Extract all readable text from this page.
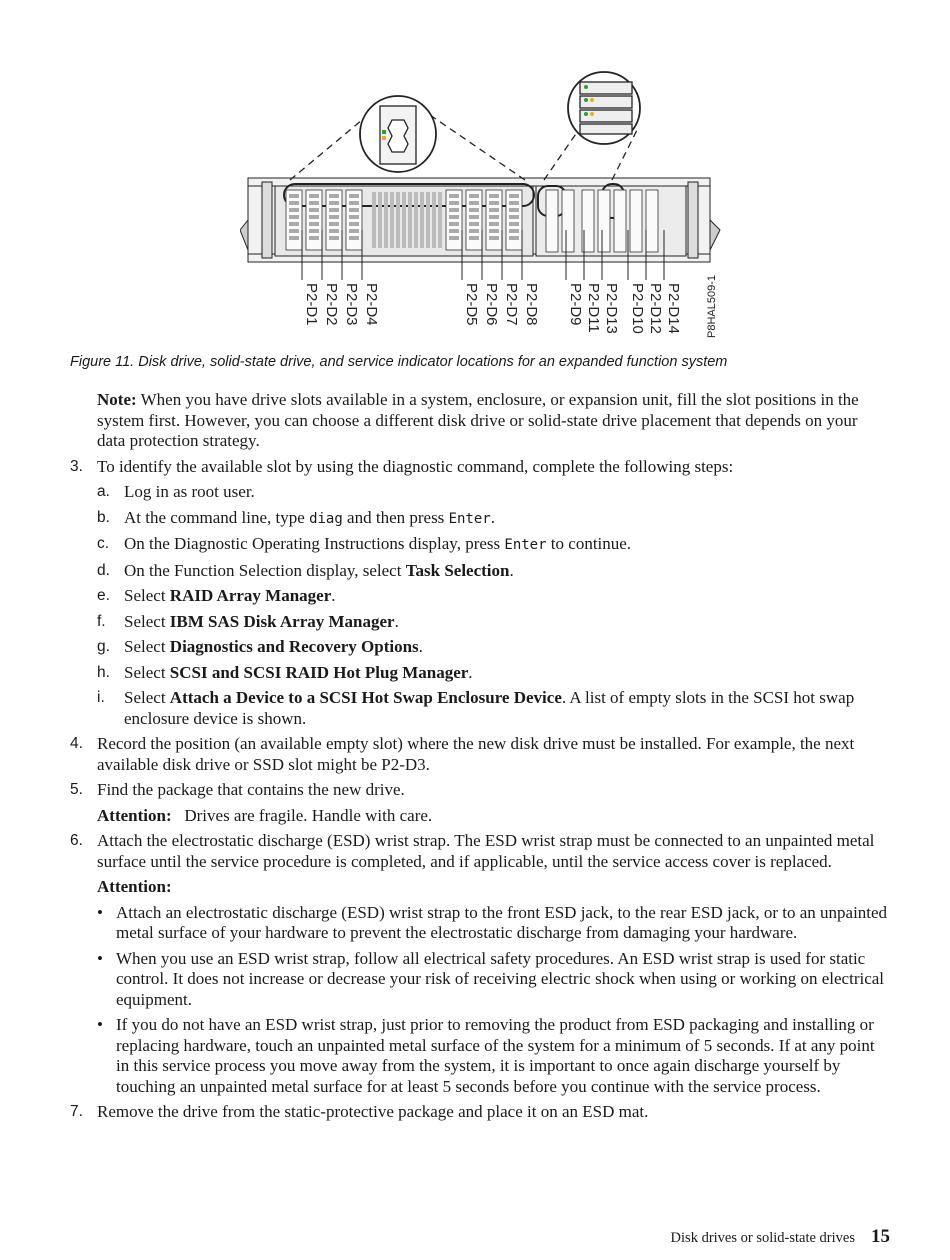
P2-D1 P2-D2 P2-D3 P2-D4	P2-D5 P2-D6 P2-D7 P2-D8 P2-D9 P2-D11 P2-D13 P2-D10 P2-D12 P2-D14 P8HAL509-1
Figure 11. Disk drive, solid-state drive, and service indicator locations for an expanded function system
Note: When you have drive slots available in a system, enclosure, or expansion unit, fill the slot positions in the system first. However, you can choose a different disk drive or solid-state drive placement that depends on your data protection strategy.
3. To identify the available slot by using the diagnostic command, complete the following steps:
a. Log in as root user.
b. At the command line, type diag and then press Enter.
c. On the Diagnostic Operating Instructions display, press Enter to continue.
d. On the Function Selection display, select Task Selection.
e. Select RAID Array Manager.
f. Select IBM SAS Disk Array Manager.
g. Select Diagnostics and Recovery Options.
h. Select SCSI and SCSI RAID Hot Plug Manager.
i. Select Attach a Device to a SCSI Hot Swap Enclosure Device. A list of empty slots in the SCSI hot swap enclosure device is shown.
4. Record the position (an available empty slot) where the new disk drive must be installed. For example, the next available disk drive or SSD slot might be P2-D3.
5. Find the package that contains the new drive.
Attention:   Drives are fragile. Handle with care.
6. Attach the electrostatic discharge (ESD) wrist strap. The ESD wrist strap must be connected to an unpainted metal surface until the service procedure is completed, and if applicable, until the service access cover is replaced.
Attention:
• Attach an electrostatic discharge (ESD) wrist strap to the front ESD jack, to the rear ESD jack, or to an unpainted metal surface of your hardware to prevent the electrostatic discharge from damaging your hardware.
• When you use an ESD wrist strap, follow all electrical safety procedures. An ESD wrist strap is used for static control. It does not increase or decrease your risk of receiving electric shock when using or working on electrical equipment.
• If you do not have an ESD wrist strap, just prior to removing the product from ESD packaging and installing or replacing hardware, touch an unpainted metal surface of the system for a minimum of 5 seconds. If at any point in this service process you move away from the system, it is important to once again discharge yourself by touching an unpainted metal surface for at least 5 seconds before you continue with the service process.
7. Remove the drive from the static-protective package and place it on an ESD mat.
Disk drives or solid-state drives 15
